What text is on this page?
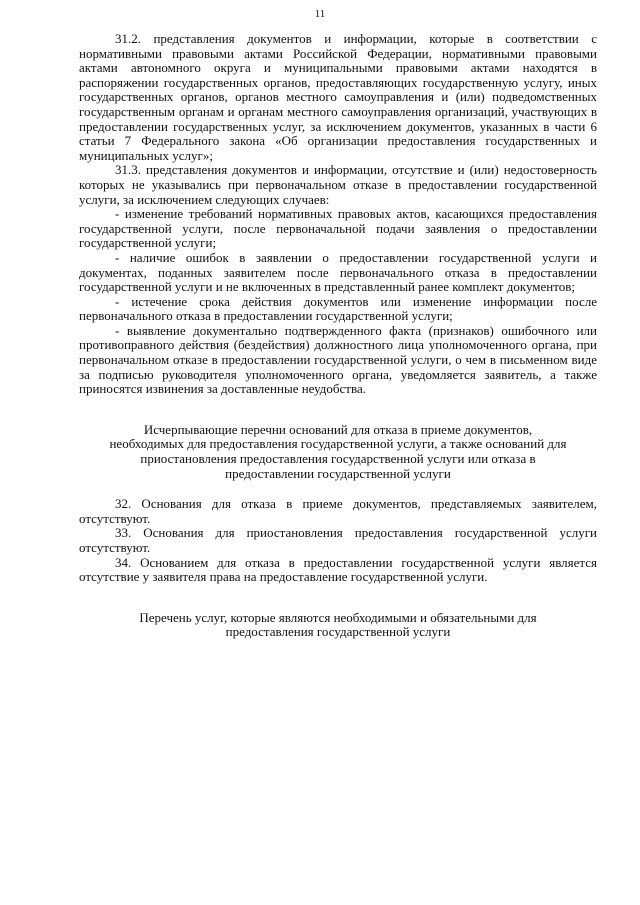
11

31.2. представления документов и информации, которые в соответствии с нормативными правовыми актами Российской Федерации, нормативными правовыми актами автономного округа и муниципальными правовыми актами находятся в распоряжении государственных органов, предоставляющих государственную услугу, иных государственных органов, органов местного самоуправления и (или) подведомственных государственным органам и органам местного самоуправления организаций, участвующих в предоставлении государственных услуг, за исключением документов, указанных в части 6 статьи 7 Федерального закона «Об организации предоставления государственных и муниципальных услуг»;

31.3. представления документов и информации, отсутствие и (или) недостоверность которых не указывались при первоначальном отказе в предоставлении государственной услуги, за исключением следующих случаев:

- изменение требований нормативных правовых актов, касающихся предоставления государственной услуги, после первоначальной подачи заявления о предоставлении государственной услуги;

- наличие ошибок в заявлении о предоставлении государственной услуги и документах, поданных заявителем после первоначального отказа в предоставлении государственной услуги и не включенных в представленный ранее комплект документов;

- истечение срока действия документов или изменение информации после первоначального отказа в предоставлении государственной услуги;

- выявление документально подтвержденного факта (признаков) ошибочного или противоправного действия (бездействия) должностного лица уполномоченного органа, при первоначальном отказе в предоставлении государственной услуги, о чем в письменном виде за подписью руководителя уполномоченного органа, уведомляется заявитель, а также приносятся извинения за доставленные неудобства.

Исчерпывающие перечни оснований для отказа в приеме документов,
необходимых для предоставления государственной услуги, а также оснований для
приостановления предоставления государственной услуги или отказа в
предоставлении государственной услуги

32. Основания для отказа в приеме документов, представляемых заявителем, отсутствуют.

33. Основания для приостановления предоставления государственной услуги отсутствуют.

34. Основанием для отказа в предоставлении государственной услуги является отсутствие у заявителя права на предоставление государственной услуги.

Перечень услуг, которые являются необходимыми и обязательными для
предоставления государственной услуги
